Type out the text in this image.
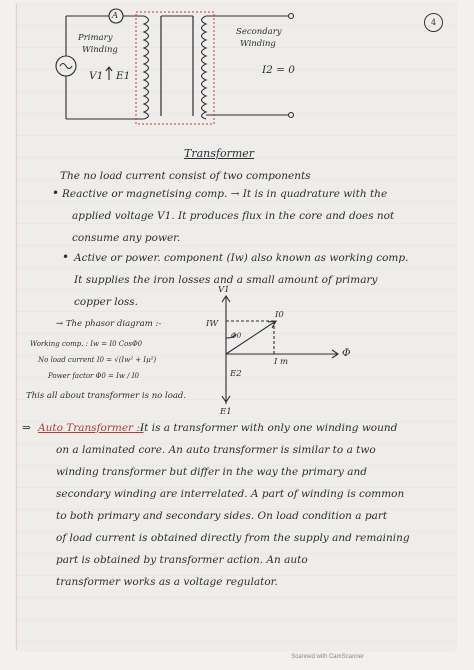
4
A
Primary
Winding
Secondary
Winding
V1 E1	I2 = 0
Transformer
The no load current consist of two components
• Reactive or magnetising comp. → It is in quadrature with the
applied voltage V1. It produces flux in the core and does not
consume any power.
• Active or power. component (Iw) also known as working comp.
It supplies the iron losses and a small amount of primary
copper loss.
→ The phasor diagram :-
Working comp. : Iw = I0 CosΦ0
No load current I0 = √(Iw² + Iµ²)
Power factor Φ0 = Iw / I0
This all about transformer is no load.
V1
I0
IW
Φ0
I m
Φ
E2
E1
⇒ Auto Transformer :-
It is a transformer with only one winding wound
on a laminated core. An auto transformer is similar to a two
winding transformer but differ in the way the primary and
secondary winding are interrelated. A part of winding is common
to both primary and secondary sides. On load condition a part
of load current is obtained directly from the supply and remaining
part is obtained by transformer action. An auto
transformer works as a voltage regulator.
Scanned with CamScanner
